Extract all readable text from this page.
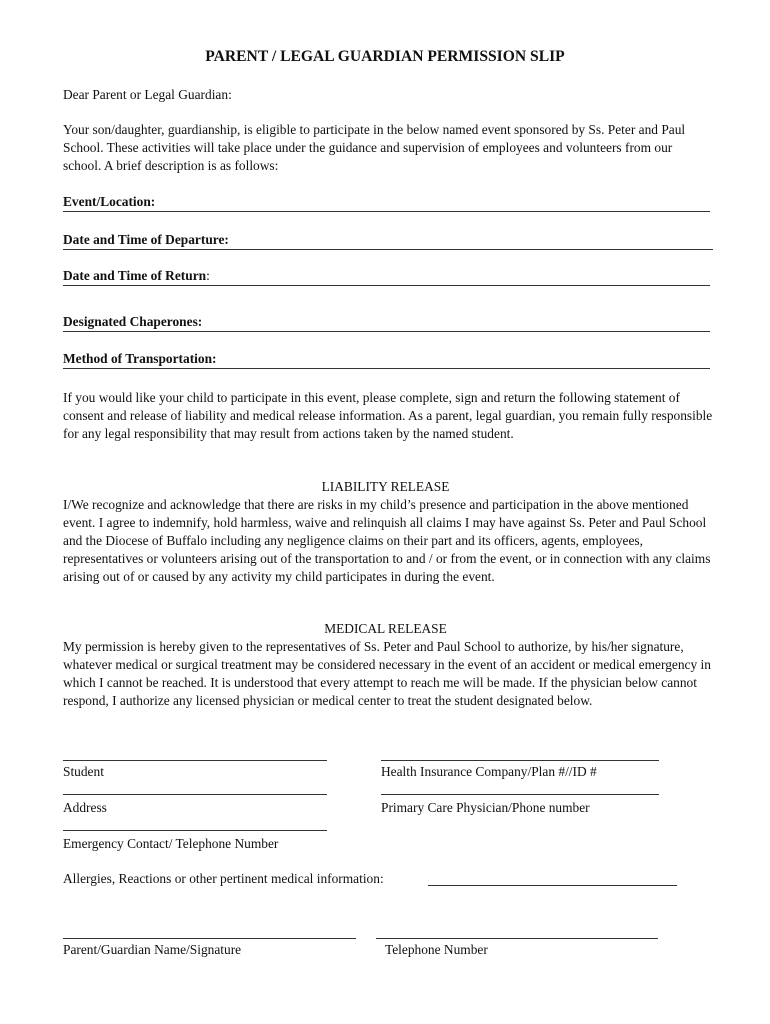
PARENT / LEGAL GUARDIAN PERMISSION SLIP
Dear Parent or Legal Guardian:
Your son/daughter, guardianship, is eligible to participate in the below named event sponsored by Ss. Peter and Paul School. These activities will take place under the guidance and supervision of employees and volunteers from our school. A brief description is as follows:
Event/Location:
Date and Time of Departure:
Date and Time of Return:
Designated Chaperones:
Method of Transportation:
If you would like your child to participate in this event, please complete, sign and return the following statement of consent and release of liability and medical release information. As a parent, legal guardian, you remain fully responsible for any legal responsibility that may result from actions taken by the named student.
LIABILITY RELEASE
I/We recognize and acknowledge that there are risks in my child’s presence and participation in the above mentioned event. I agree to indemnify, hold harmless, waive and relinquish all claims I may have against Ss. Peter and Paul School and the Diocese of Buffalo including any negligence claims on their part and its officers, agents, employees, representatives or volunteers arising out of the transportation to and / or from the event, or in connection with any claims arising out of or caused by any activity my child participates in during the event.
MEDICAL RELEASE
My permission is hereby given to the representatives of Ss. Peter and Paul School to authorize, by his/her signature, whatever medical or surgical treatment may be considered necessary in the event of an accident or medical emergency in which I cannot be reached. It is understood that every attempt to reach me will be made. If the physician below cannot respond, I authorize any licensed physician or medical center to treat the student designated below.
Student	Health Insurance Company/Plan #//ID #
Address	Primary Care Physician/Phone number
Emergency Contact/ Telephone Number
Allergies, Reactions or other pertinent medical information:
Parent/Guardian Name/Signature	Telephone Number
